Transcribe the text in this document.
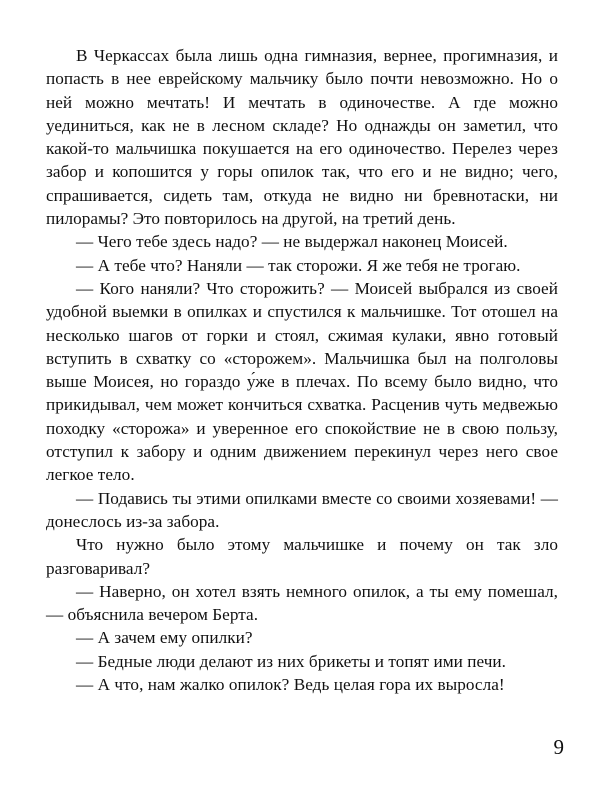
В Черкассах была лишь одна гимназия, вернее, прогимназия, и попасть в нее еврейскому мальчику было почти невозможно. Но о ней можно мечтать! И мечтать в одиночестве. А где можно уединиться, как не в лесном складе? Но однажды он заметил, что какой-то мальчишка покушается на его одиночество. Перелез через забор и копошится у горы опилок так, что его и не видно; чего, спрашивается, сидеть там, откуда не видно ни бревнотаски, ни пилорамы? Это повторилось на другой, на третий день.

— Чего тебе здесь надо? — не выдержал наконец Моисей.

— А тебе что? Наняли — так сторожи. Я же тебя не трогаю.

— Кого наняли? Что сторожить? — Моисей выбрался из своей удобной выемки в опилках и спустился к мальчишке. Тот отошел на несколько шагов от горки и стоял, сжимая кулаки, явно готовый вступить в схватку со «сторожем». Мальчишка был на полголовы выше Моисея, но гораздо у́же в плечах. По всему было видно, что прикидывал, чем может кончиться схватка. Расценив чуть медвежью походку «сторожа» и уверенное его спокойствие не в свою пользу, отступил к забору и одним движением перекинул через него свое легкое тело.

— Подавись ты этими опилками вместе со своими хозяевами! — донеслось из-за забора.

Что нужно было этому мальчишке и почему он так зло разговаривал?

— Наверно, он хотел взять немного опилок, а ты ему помешал,— объяснила вечером Берта.

— А зачем ему опилки?

— Бедные люди делают из них брикеты и топят ими печи.

— А что, нам жалко опилок? Ведь целая гора их выросла!

9
